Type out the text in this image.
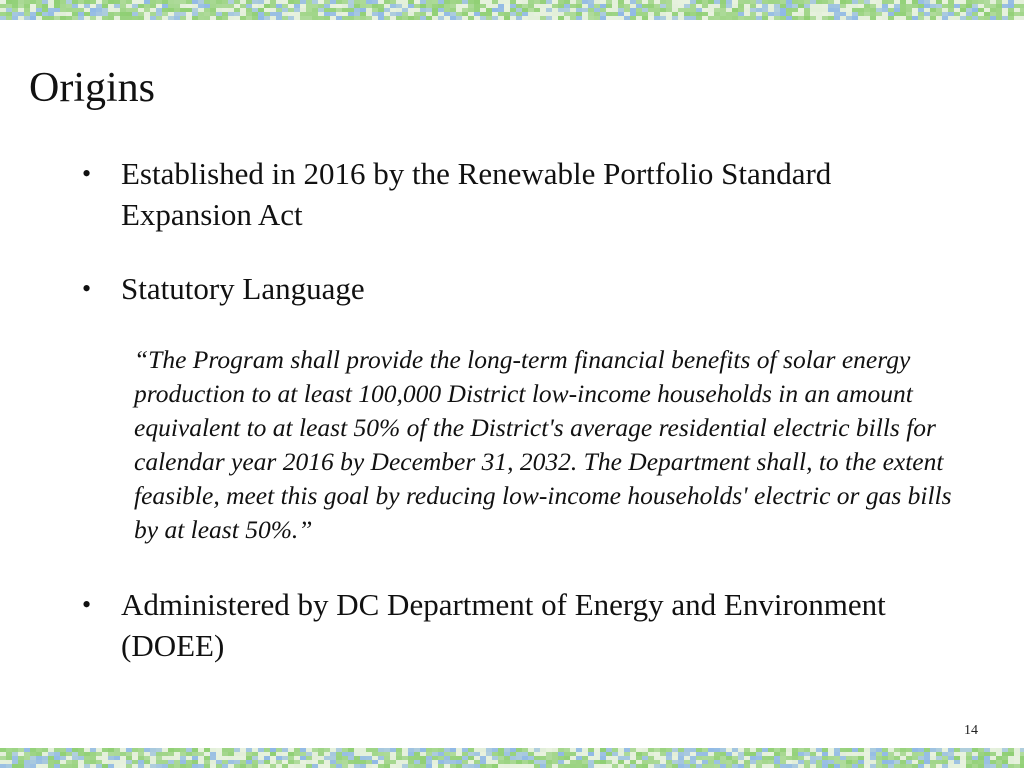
Origins
• Established in 2016 by the Renewable Portfolio Standard Expansion Act
• Statutory Language

“The Program shall provide the long-term financial benefits of solar energy production to at least 100,000 District low-income households in an amount equivalent to at least 50% of the District's average residential electric bills for calendar year 2016 by December 31, 2032. The Department shall, to the extent feasible, meet this goal by reducing low-income households' electric or gas bills by at least 50%.”

• Administered by DC Department of Energy and Environment (DOEE)
14
